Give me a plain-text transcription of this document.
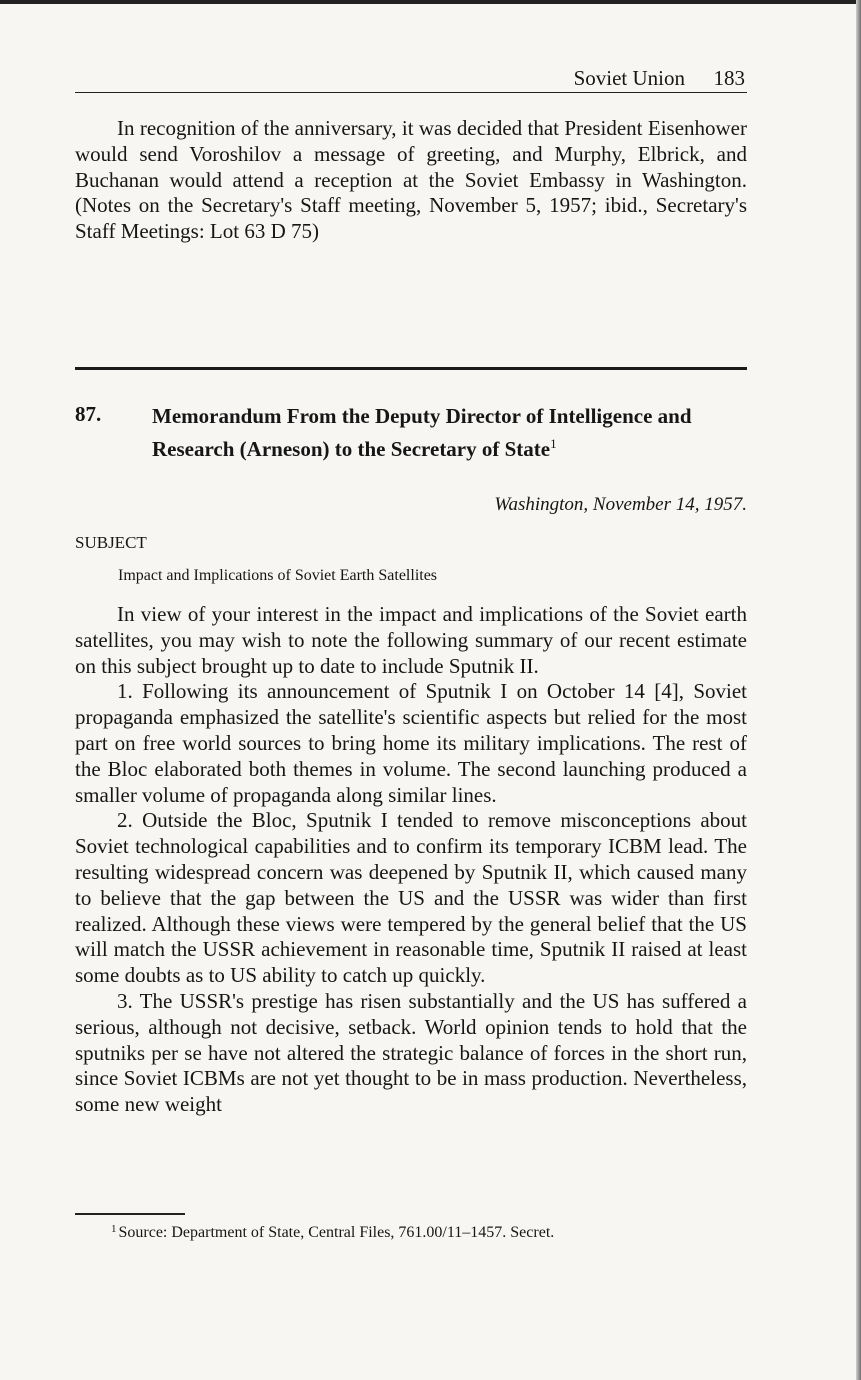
Soviet Union 183

In recognition of the anniversary, it was decided that President Eisenhower would send Voroshilov a message of greeting, and Murphy, Elbrick, and Buchanan would attend a reception at the Soviet Embassy in Washington. (Notes on the Secretary's Staff meeting, November 5, 1957; ibid., Secretary's Staff Meetings: Lot 63 D 75)

87. Memorandum From the Deputy Director of Intelligence and Research (Arneson) to the Secretary of State$^1$
Washington, November 14, 1957.
SUBJECT
Impact and Implications of Soviet Earth Satellites

In view of your interest in the impact and implications of the Soviet earth satellites, you may wish to note the following summary of our recent estimate on this subject brought up to date to include Sputnik II.

1. Following its announcement of Sputnik I on October 14 [4], Soviet propaganda emphasized the satellite's scientific aspects but relied for the most part on free world sources to bring home its military implications. The rest of the Bloc elaborated both themes in volume. The second launching produced a smaller volume of propaganda along similar lines.

2. Outside the Bloc, Sputnik I tended to remove misconceptions about Soviet technological capabilities and to confirm its temporary ICBM lead. The resulting widespread concern was deepened by Sputnik II, which caused many to believe that the gap between the US and the USSR was wider than first realized. Although these views were tempered by the general belief that the US will match the USSR achievement in reasonable time, Sputnik II raised at least some doubts as to US ability to catch up quickly.

3. The USSR's prestige has risen substantially and the US has suffered a serious, although not decisive, setback. World opinion tends to hold that the sputniks per se have not altered the strategic balance of forces in the short run, since Soviet ICBMs are not yet thought to be in mass production. Nevertheless, some new weight

$^1$ Source: Department of State, Central Files, 761.00/11–1457. Secret.
